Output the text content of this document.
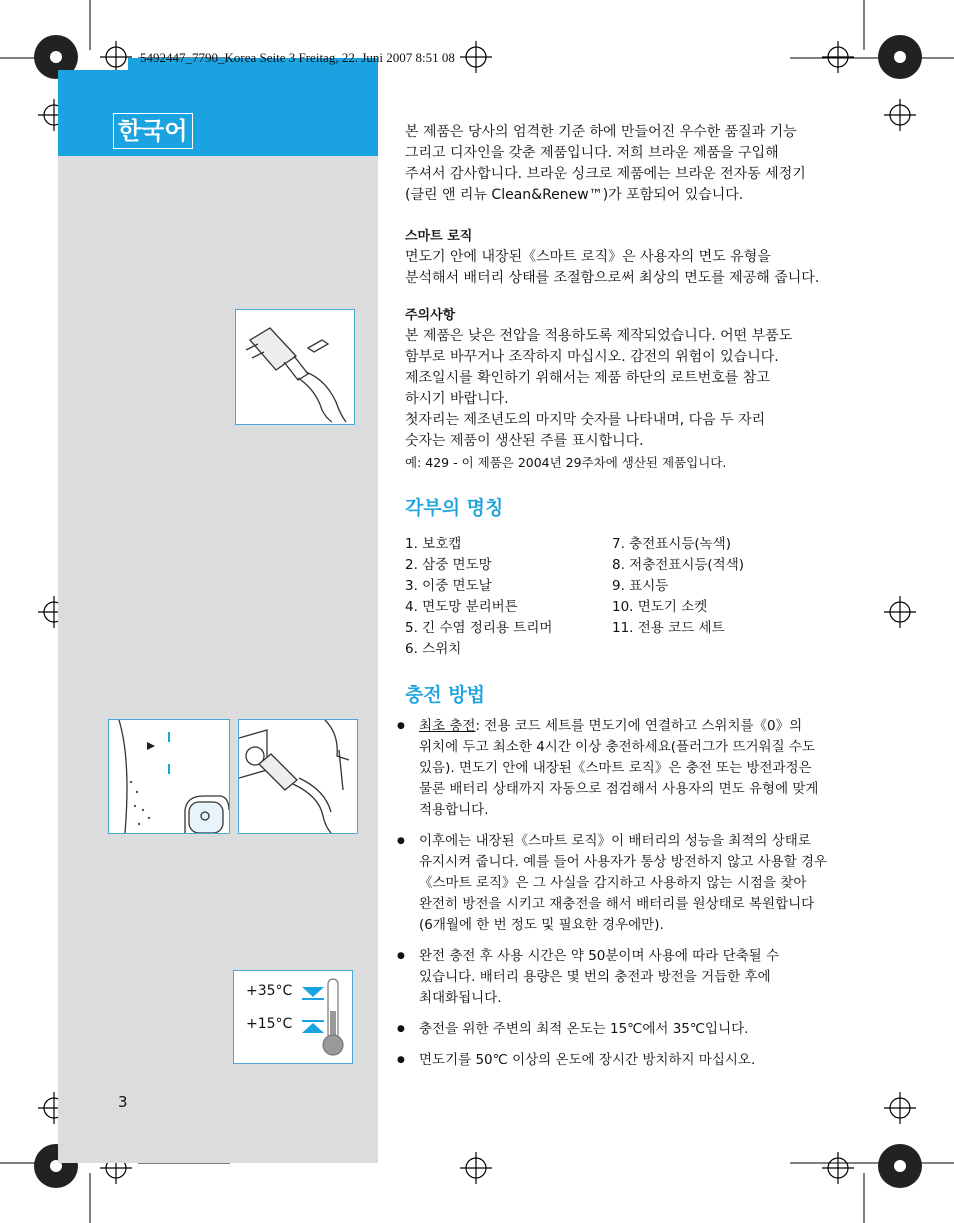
5492447_7790_Korea Seite 3 Freitag, 22. Juni 2007 8:51 08
한국어	본 제품은 당사의 엄격한 기준 하에 만들어진 우수한 품질과 기능

그리고 디자인을 갖춘 제품입니다. 저희 브라운 제품을 구입해

주셔서 감사합니다. 브라운 싱크로 제품에는 브라운 전자동 세정기

(클린 앤 리뉴 Clean&Renew™)가 포함되어 있습니다.

스마트 로직

면도기 안에 내장된《스마트 로직》은 사용자의 면도 유형을

분석해서 배터리 상태를 조절함으로써 최상의 면도를 제공해 줍니다.

주의사항

본 제품은 낮은 전압을 적용하도록 제작되었습니다. 어떤 부품도

함부로 바꾸거나 조작하지 마십시오. 감전의 위험이 있습니다.

제조일시를 확인하기 위해서는 제품 하단의 로트번호를 참고

하시기 바랍니다.

첫자리는 제조년도의 마지막 숫자를 나타내며, 다음 두 자리

숫자는 제품이 생산된 주를 표시합니다.

예: 429 - 이 제품은 2004년 29주차에 생산된 제품입니다.

각부의 명칭
1. 보호캡
2. 삼중 면도망
3. 이중 면도날
4. 면도망 분리버튼
5. 긴 수염 정리용 트리머
6. 스위치
7. 충전표시등(녹색)
8. 저충전표시등(적색)
9. 표시등
10. 면도기 소켓
11. 전용 코드 세트
충전 방법
● 최초 충전: 전용 코드 세트를 면도기에 연결하고 스위치를《0》의
위치에 두고 최소한 4시간 이상 충전하세요(플러그가 뜨거워질 수도
있음). 면도기 안에 내장된《스마트 로직》은 충전 또는 방전과정은
물론 배터리 상태까지 자동으로 점검해서 사용자의 면도 유형에 맞게
적용합니다.
● 이후에는 내장된《스마트 로직》이 배터리의 성능을 최적의 상태로
유지시켜 줍니다. 예를 들어 사용자가 통상 방전하지 않고 사용할 경우
《스마트 로직》은 그 사실을 감지하고 사용하지 않는 시점을 찾아
완전히 방전을 시키고 재충전을 해서 배터리를 원상태로 복원합니다
(6개월에 한 번 정도 및 필요한 경우에만).
● 완전 충전 후 사용 시간은 약 50분이며 사용에 따라 단축될 수
있습니다. 배터리 용량은 몇 번의 충전과 방전을 거듭한 후에
최대화됩니다.
● 충전을 위한 주변의 최적 온도는 15℃에서 35℃입니다.
● 면도기를 50℃ 이상의 온도에 장시간 방치하지 마십시오.
+35°C
+15°C
3
